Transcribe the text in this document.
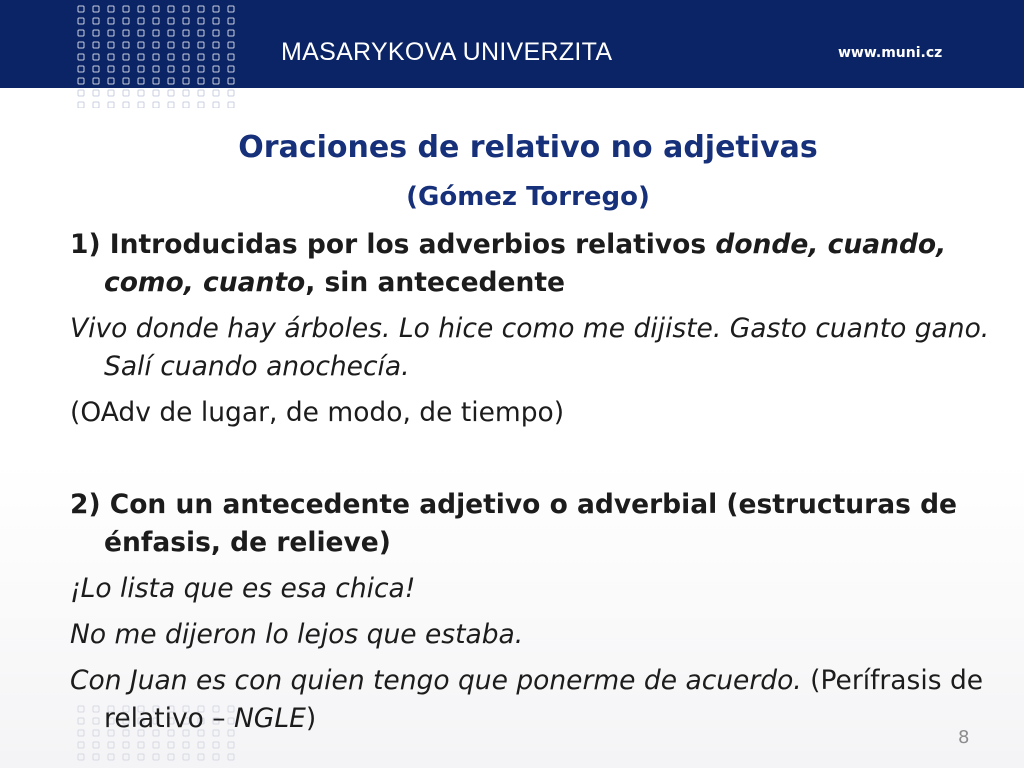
MASARYKOVA UNIVERZITA	www.muni.cz
Oraciones de relativo no adjetivas
(Gómez Torrego)

1) Introducidas por los adverbios relativos donde, cuando, como, cuanto, sin antecedente

Vivo donde hay árboles. Lo hice como me dijiste. Gasto cuanto gano. Salí cuando anochecía.

(OAdv de lugar, de modo, de tiempo)

2) Con un antecedente adjetivo o adverbial (estructuras de énfasis, de relieve)

¡Lo lista que es esa chica!

No me dijeron lo lejos que estaba.

Con Juan es con quien tengo que ponerme de acuerdo. (Perífrasis de relativo – NGLE)

8
